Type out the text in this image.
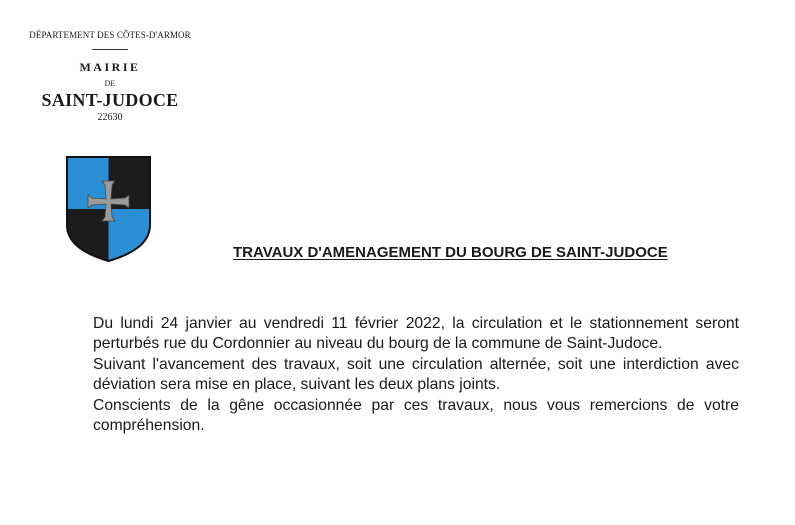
DÉPARTEMENT DES CÔTES-D'ARMOR
MAIRIE
DE
SAINT-JUDOCE
22630
TRAVAUX D'AMENAGEMENT DU BOURG DE SAINT-JUDOCE

Du lundi 24 janvier au vendredi 11 février 2022, la circulation et le stationnement seront perturbés rue du Cordonnier au niveau du bourg de la commune de Saint-Judoce.

Suivant l'avancement des travaux, soit une circulation alternée, soit une interdiction avec déviation sera mise en place, suivant les deux plans joints.

Conscients de la gêne occasionnée par ces travaux, nous vous remercions de votre compréhension.
